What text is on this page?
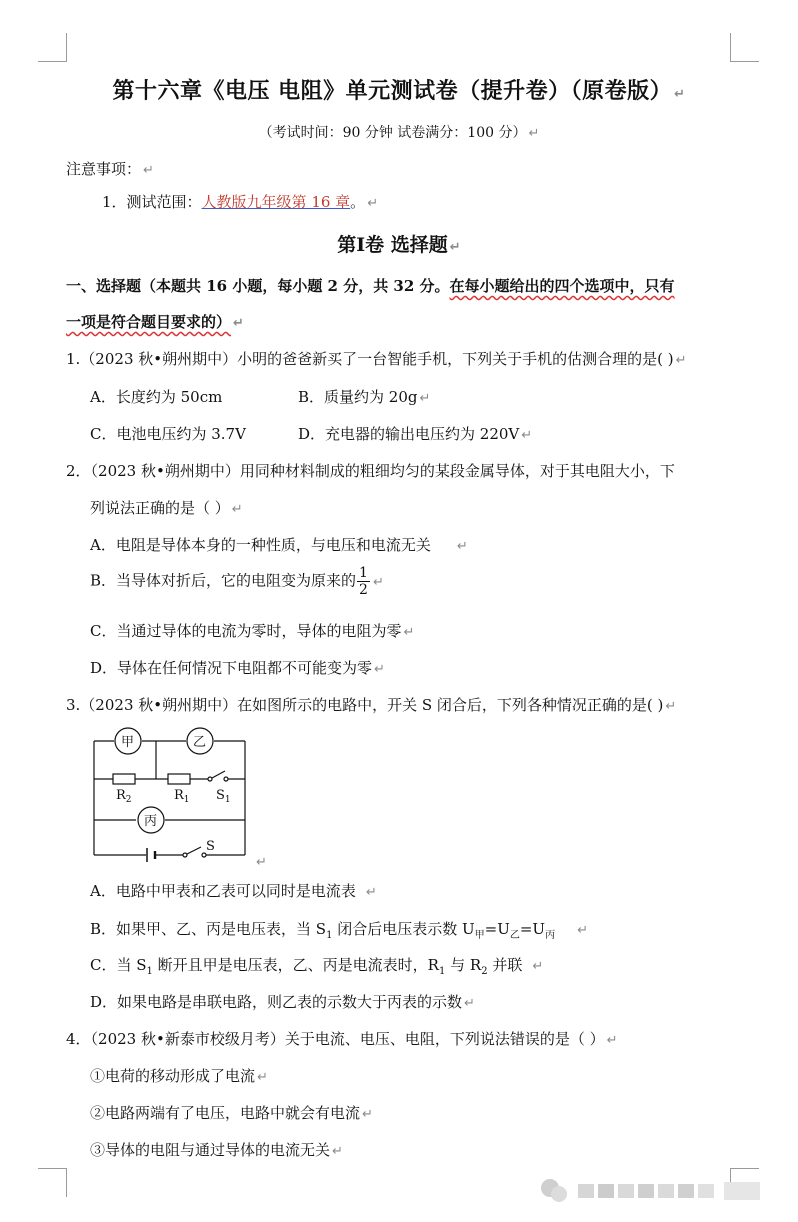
第十六章《电压 电阻》单元测试卷（提升卷）（原卷版） ↵
（考试时间：90 分钟 试卷满分：100 分） ↵
注意事项： ↵
1．测试范围：人教版九年级第 16 章。 ↵
第Ⅰ卷 选择题 ↵
一、选择题（本题共 16 小题，每小题 2 分，共 32 分。在每小题给出的四个选项中，只有
一项是符合题目要求的） ↵
1.（2023 秋•朔州期中）小明的爸爸新买了一台智能手机，下列关于手机的估测合理的是( ) ↵
A．长度约为 50cm	B．质量约为 20g ↵
C．电池电压约为 3.7V	D．充电器的输出电压约为 220V ↵
2．（2023 秋•朔州期中）用同种材料制成的粗细均匀的某段金属导体，对于其电阻大小，下
列说法正确的是（ ） ↵
A．电阻是导体本身的一种性质，与电压和电流无关 ↵
B．当导体对折后，它的电阻变为原来的 $\frac{1}{2}$ ↵
C．当通过导体的电流为零时，导体的电阻为零 ↵
D．导体在任何情况下电阻都不可能变为零 ↵
3.（2023 秋•朔州期中）在如图所示的电路中，开关 S 闭合后，下列各种情况正确的是( ) ↵
甲	乙
丙
$R_2$	$R_1$ $S_1$
S
↵
A．电路中甲表和乙表可以同时是电流表 ↵
B．如果甲、乙、丙是电压表，当 $S_1$ 闭合后电压表示数 $U_甲=U_乙=U_丙$ ↵
C．当 $S_1$ 断开且甲是电压表，乙、丙是电流表时，$R_1$ 与 $R_2$ 并联 ↵
D．如果电路是串联电路，则乙表的示数大于丙表的示数 ↵
4．（2023 秋•新泰市校级月考）关于电流、电压、电阻，下列说法错误的是（ ） ↵
①电荷的移动形成了电流 ↵
②电路两端有了电压，电路中就会有电流 ↵
③导体的电阻与通过导体的电流无关 ↵
